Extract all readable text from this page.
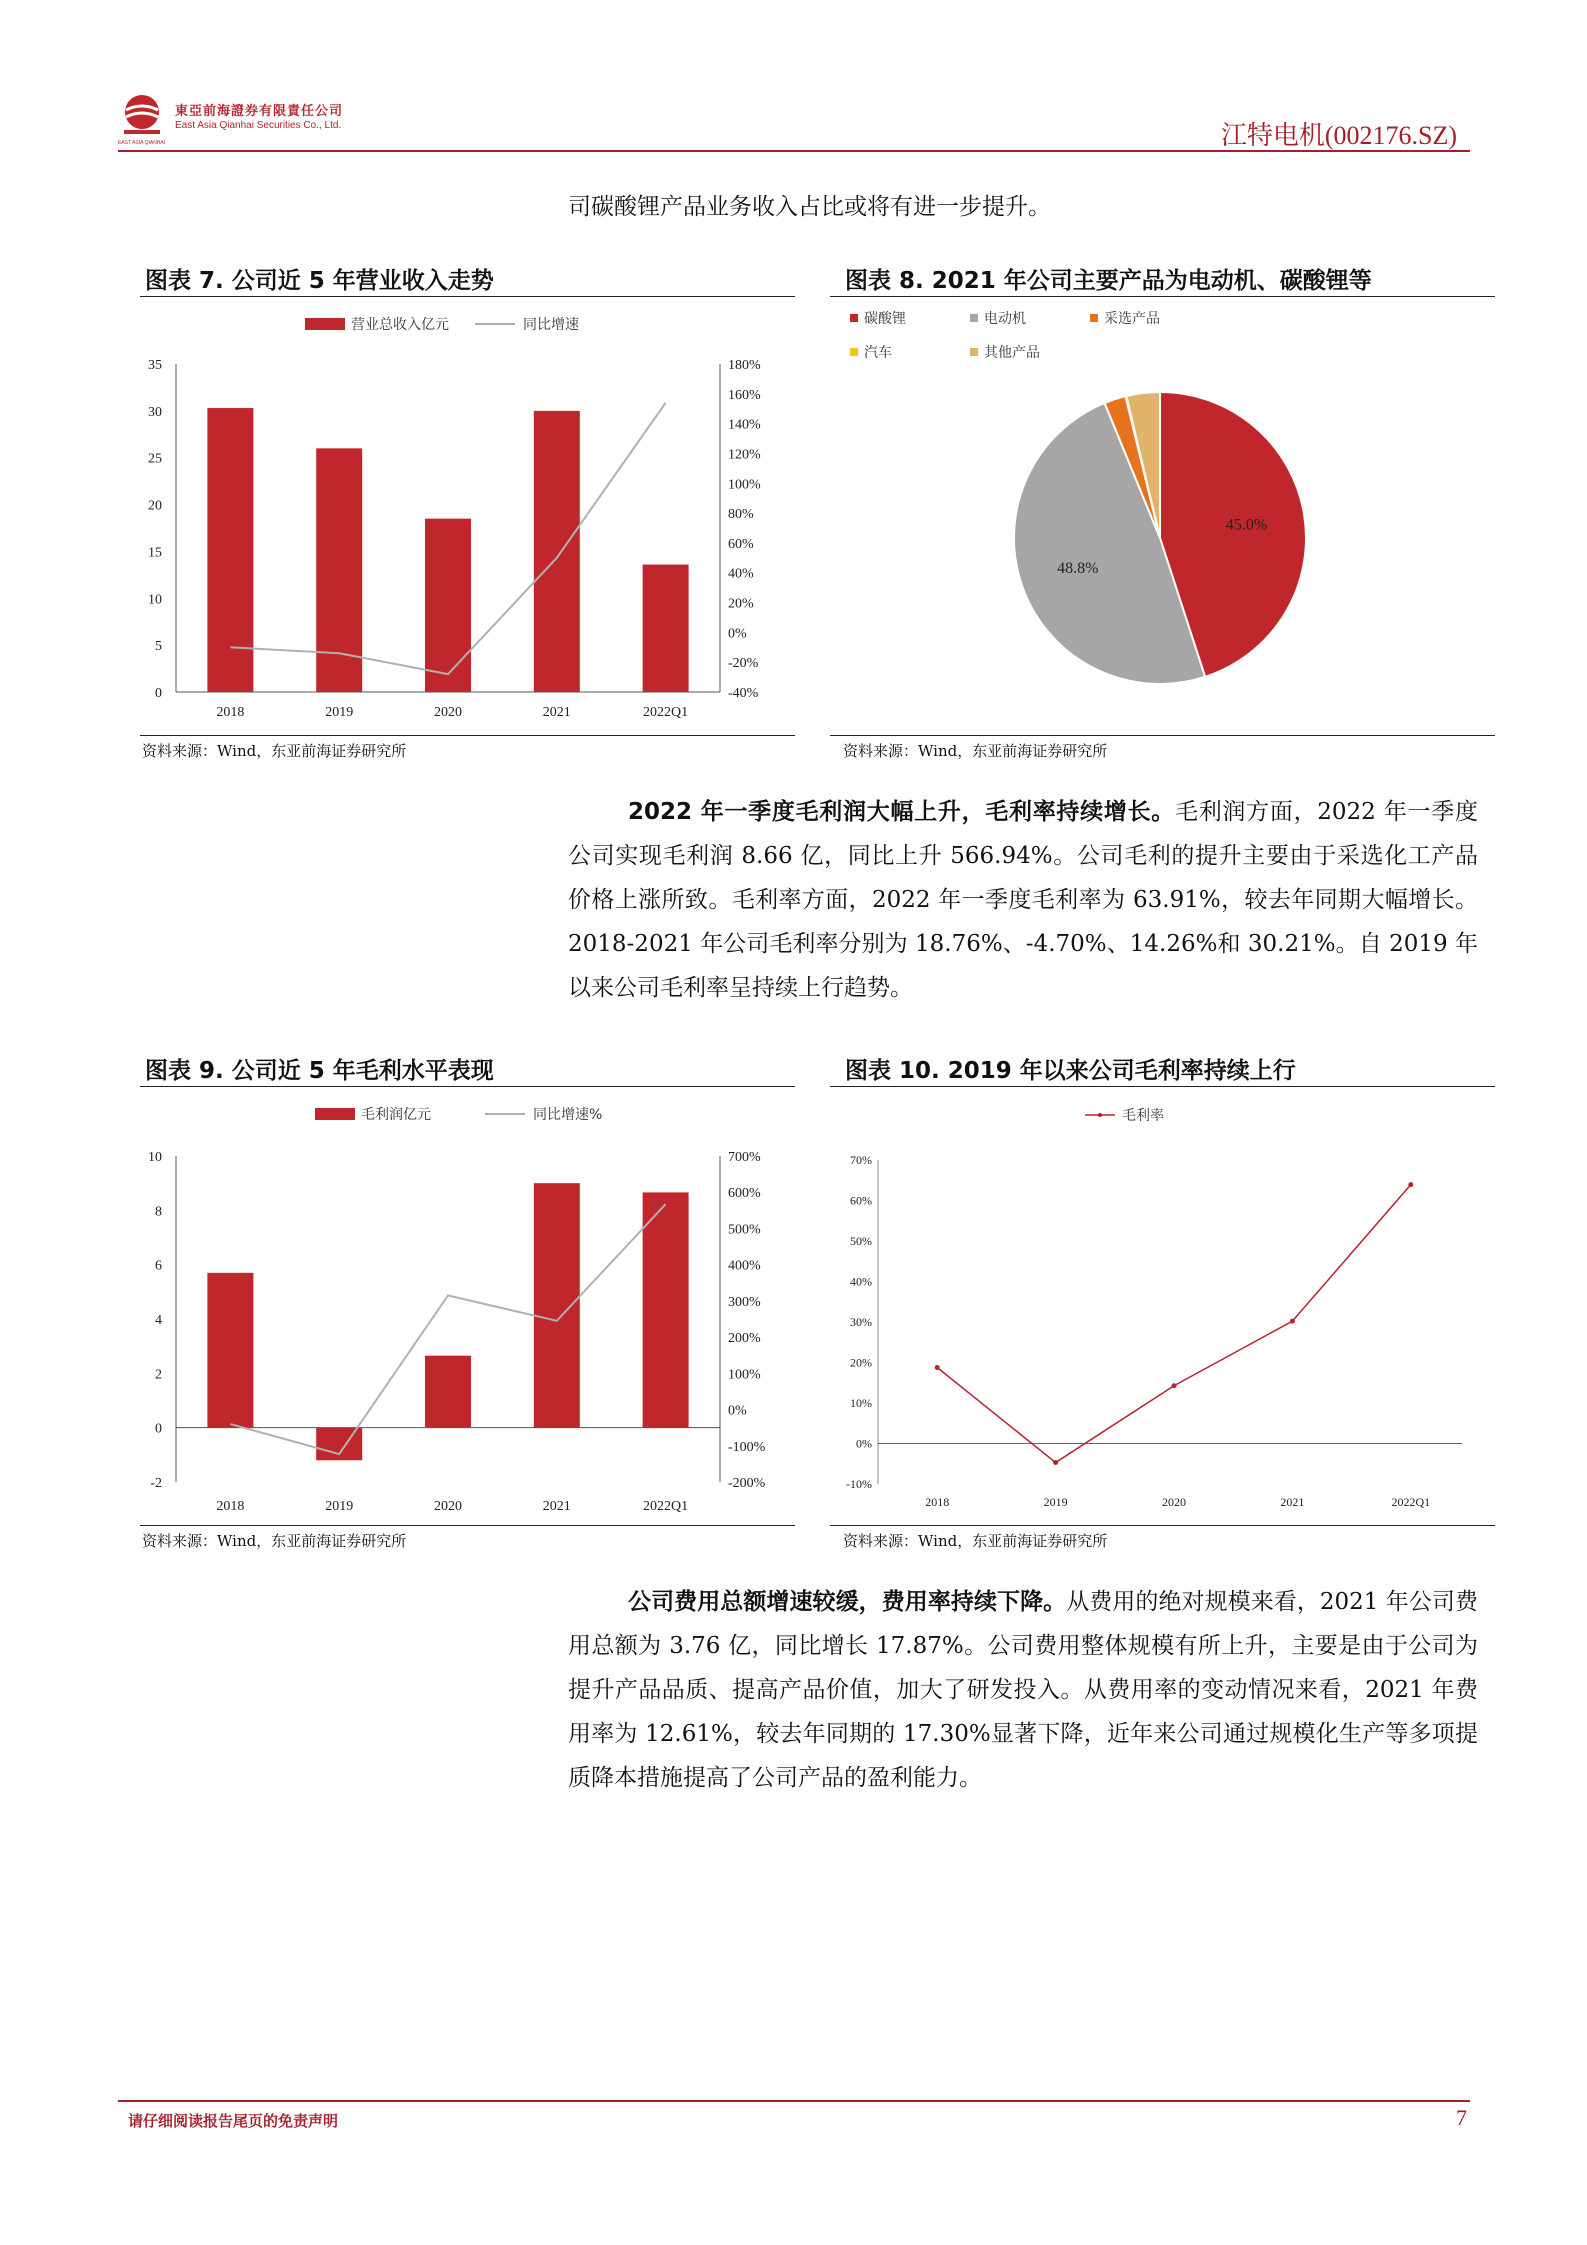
東亞前海證券有限責任公司
East Asia Qianhai Securities Co., Ltd.
EAST ASIA QIANHAI	江特电机(002176.SZ)
司碳酸锂产品业务收入占比或将有进一步提升。
图表 7. 公司近 5 年营业收入走势
营业总收入亿元	同比增速
0
5
10
15
20
25
30
35
-40%
-20%
0%
20%
40%
60%
80%
100%
120%
140%
160%
180%
2018	2019	2020	2021	2022Q1
资料来源：Wind，东亚前海证券研究所
图表 8. 2021 年公司主要产品为电动机、碳酸锂等
碳酸锂	电动机	采选产品
汽车	其他产品
45.0%
48.8%
资料来源：Wind，东亚前海证券研究所
2022 年一季度毛利润大幅上升，毛利率持续增长。毛利润方面，2022 年一季度公司实现毛利润 8.66 亿，同比上升 566.94%。公司毛利的提升主要由于采选化工产品价格上涨所致。毛利率方面，2022 年一季度毛利率为 63.91%，较去年同期大幅增长。2018-2021 年公司毛利率分别为 18.76%、-4.70%、14.26%和 30.21%。自 2019 年以来公司毛利率呈持续上行趋势。
图表 9. 公司近 5 年毛利水平表现
毛利润亿元	同比增速%
-2
0
2
4
6
8
10
-200%
-100%
0%
100%
200%
300%
400%
500%
600%
700%
2018	2019	2020	2021	2022Q1
资料来源：Wind，东亚前海证券研究所
图表 10. 2019 年以来公司毛利率持续上行
毛利率
-10%
0%
10%
20%
30%
40%
50%
60%
70%
2018	2019	2020	2021	2022Q1
资料来源：Wind，东亚前海证券研究所
公司费用总额增速较缓，费用率持续下降。从费用的绝对规模来看，2021 年公司费用总额为 3.76 亿，同比增长 17.87%。公司费用整体规模有所上升，主要是由于公司为提升产品品质、提高产品价值，加大了研发投入。从费用率的变动情况来看，2021 年费用率为 12.61%，较去年同期的 17.30%显著下降，近年来公司通过规模化生产等多项提质降本措施提高了公司产品的盈利能力。
请仔细阅读报告尾页的免责声明	7
